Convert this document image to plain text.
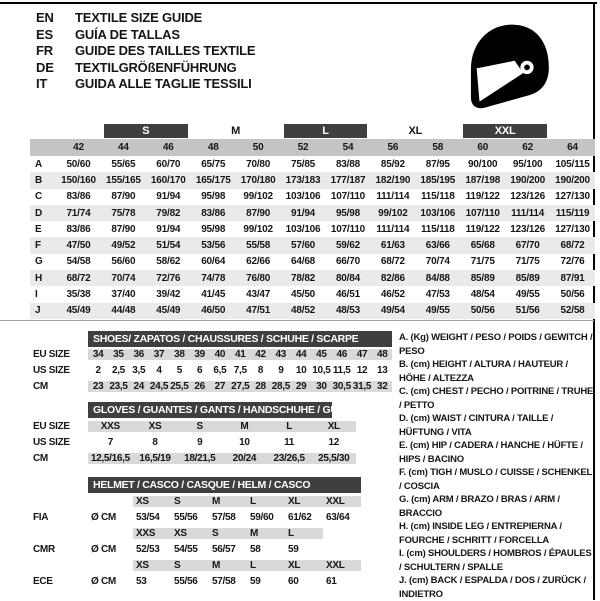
EN	TEXTILE SIZE GUIDE
ES	GUÍA DE TALLAS
FR	GUIDE DES TAILLES TEXTILE
DE	TEXTILGRÖßENFÜHRUNG
IT	GUIDA ALLE TAGLIE TESSILI
S	M	L	XL	XXL
42	44	46	48	50	52	54	56	58	60	62	64
A	50/60	55/65	60/70	65/75	70/80	75/85	83/88	85/92	87/95	90/100	95/100	105/115
B	150/160	155/165	160/170	165/175	170/180	173/183	177/187	182/190	185/195	187/198	190/200	190/200
C	83/86	87/90	91/94	95/98	99/102	103/106	107/110	111/114	115/118	119/122	123/126	127/130
D	71/74	75/78	79/82	83/86	87/90	91/94	95/98	99/102	103/106	107/110	111/114	115/119
E	83/86	87/90	91/94	95/98	99/102	103/106	107/110	111/114	115/118	119/122	123/126	127/130
F	47/50	49/52	51/54	53/56	55/58	57/60	59/62	61/63	63/66	65/68	67/70	68/72
G	54/58	56/60	58/62	60/64	62/66	64/68	66/70	68/72	70/74	71/75	71/75	72/76
H	68/72	70/74	72/76	74/78	76/80	78/82	80/84	82/86	84/88	85/89	85/89	87/91
I	35/38	37/40	39/42	41/45	43/47	45/50	46/51	46/52	47/53	48/54	49/55	50/56
J	45/49	44/48	45/49	46/50	47/51	48/52	48/53	49/54	49/55	50/56	51/56	52/58
SHOES/ ZAPATOS / CHAUSSURES / SCHUHE / SCARPE
EU SIZE	34 35 36 37 38 39 40 41 42 43 44 45 46 47 48
US SIZE	2	2,5 3,5	4	5	6	6,5 7,5	8	9	10 10,5 11,5 12 13
CM	23 23,5 24 24,5 25,5 26 27 27,5 28 28,5 29 30 30,5 31,5 32
GLOVES / GUANTES / GANTS / HANDSCHUHE / GUANTI
EU SIZE	XXS	XS	S	M	L	XL
US SIZE	7	8	9	10	11	12
CM	12,5/16,5 16,5/19	18/21,5	20/24	23/26,5	25,5/30
HELMET / CASCO / CASQUE / HELM / CASCO
XS	S	M	L	XL	XXL
FIA	Ø CM	53/54	55/56	57/58	59/60	61/62	63/64
XXS	XS	S	M	L
CMR	Ø CM	52/53	54/55	56/57	58	59
XS	S	M	L	XL	XXL
ECE	Ø CM	53	55/56	57/58	59	60	61
A. (Kg) WEIGHT / PESO / POIDS / GEWITCH / PESO
B. (cm) HEIGHT / ALTURA / HAUTEUR / HÖHE / ALTEZZA
C. (cm) CHEST / PECHO / POITRINE / TRUHE / PETTO
D. (cm) WAIST / CINTURA / TAILLE / HÜFTUNG / VITA
E. (cm) HIP / CADERA / HANCHE / HÜFTE / HIPS / BACINO
F. (cm) TIGH / MUSLO / CUISSE / SCHENKEL / COSCIA
G. (cm) ARM / BRAZO / BRAS / ARM / BRACCIO
H. (cm) INSIDE LEG / ENTREPIERNA / FOURCHE / SCHRITT / FORCELLA
I. (cm) SHOULDERS / HOMBROS / ÉPAULES / SCHULTERN / SPALLE
J. (cm) BACK / ESPALDA / DOS / ZURÜCK / INDIETRO
